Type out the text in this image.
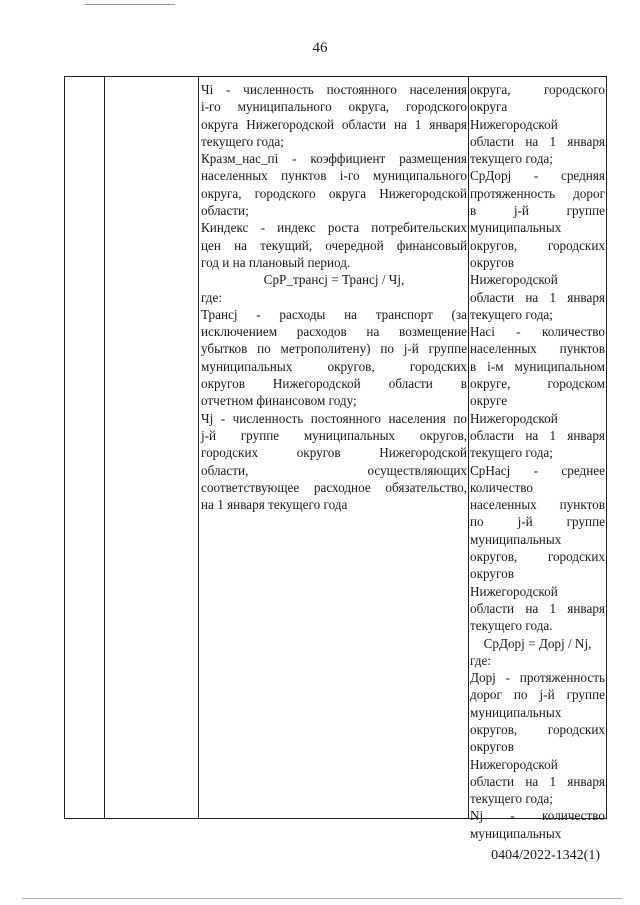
46
Чi - численность постоянного населения
i-го муниципального округа, городского
округа Нижегородской области на 1 января
текущего года;
Кразм_нас_пi - коэффициент размещения
населенных пунктов i-го муниципального
округа, городского округа Нижегородской
области;
Киндекс - индекс роста потребительских
цен на текущий, очередной финансовый
год и на плановый период.
СрР_трансj = Трансj / Чj,
где:
Трансj - расходы на транспорт (за
исключением расходов на возмещение
убытков по метрополитену) по j-й группе
муниципальных округов, городских
округов Нижегородской области в
отчетном финансовом году;
Чj - численность постоянного населения по
j-й группе муниципальных округов,
городских округов Нижегородской
области, осуществляющих
соответствующее расходное обязательство,
на 1 января текущего года
округа, городского
округа
Нижегородской
области на 1 января
текущего года;
СрДорj - средняя
протяженность дорог
в j-й группе
муниципальных
округов, городских
округов
Нижегородской
области на 1 января
текущего года;
Насi - количество
населенных пунктов
в i-м муниципальном
округе, городском
округе
Нижегородской
области на 1 января
текущего года;
СрНасj - среднее
количество
населенных пунктов
по j-й группе
муниципальных
округов, городских
округов
Нижегородской
области на 1 января
текущего года.
СрДорj = Дорj / Nj,
где:
Дорj - протяженность
дорог по j-й группе
муниципальных
округов, городских
округов
Нижегородской
области на 1 января
текущего года;
Nj - количество
муниципальных
0404/2022-1342(1)
